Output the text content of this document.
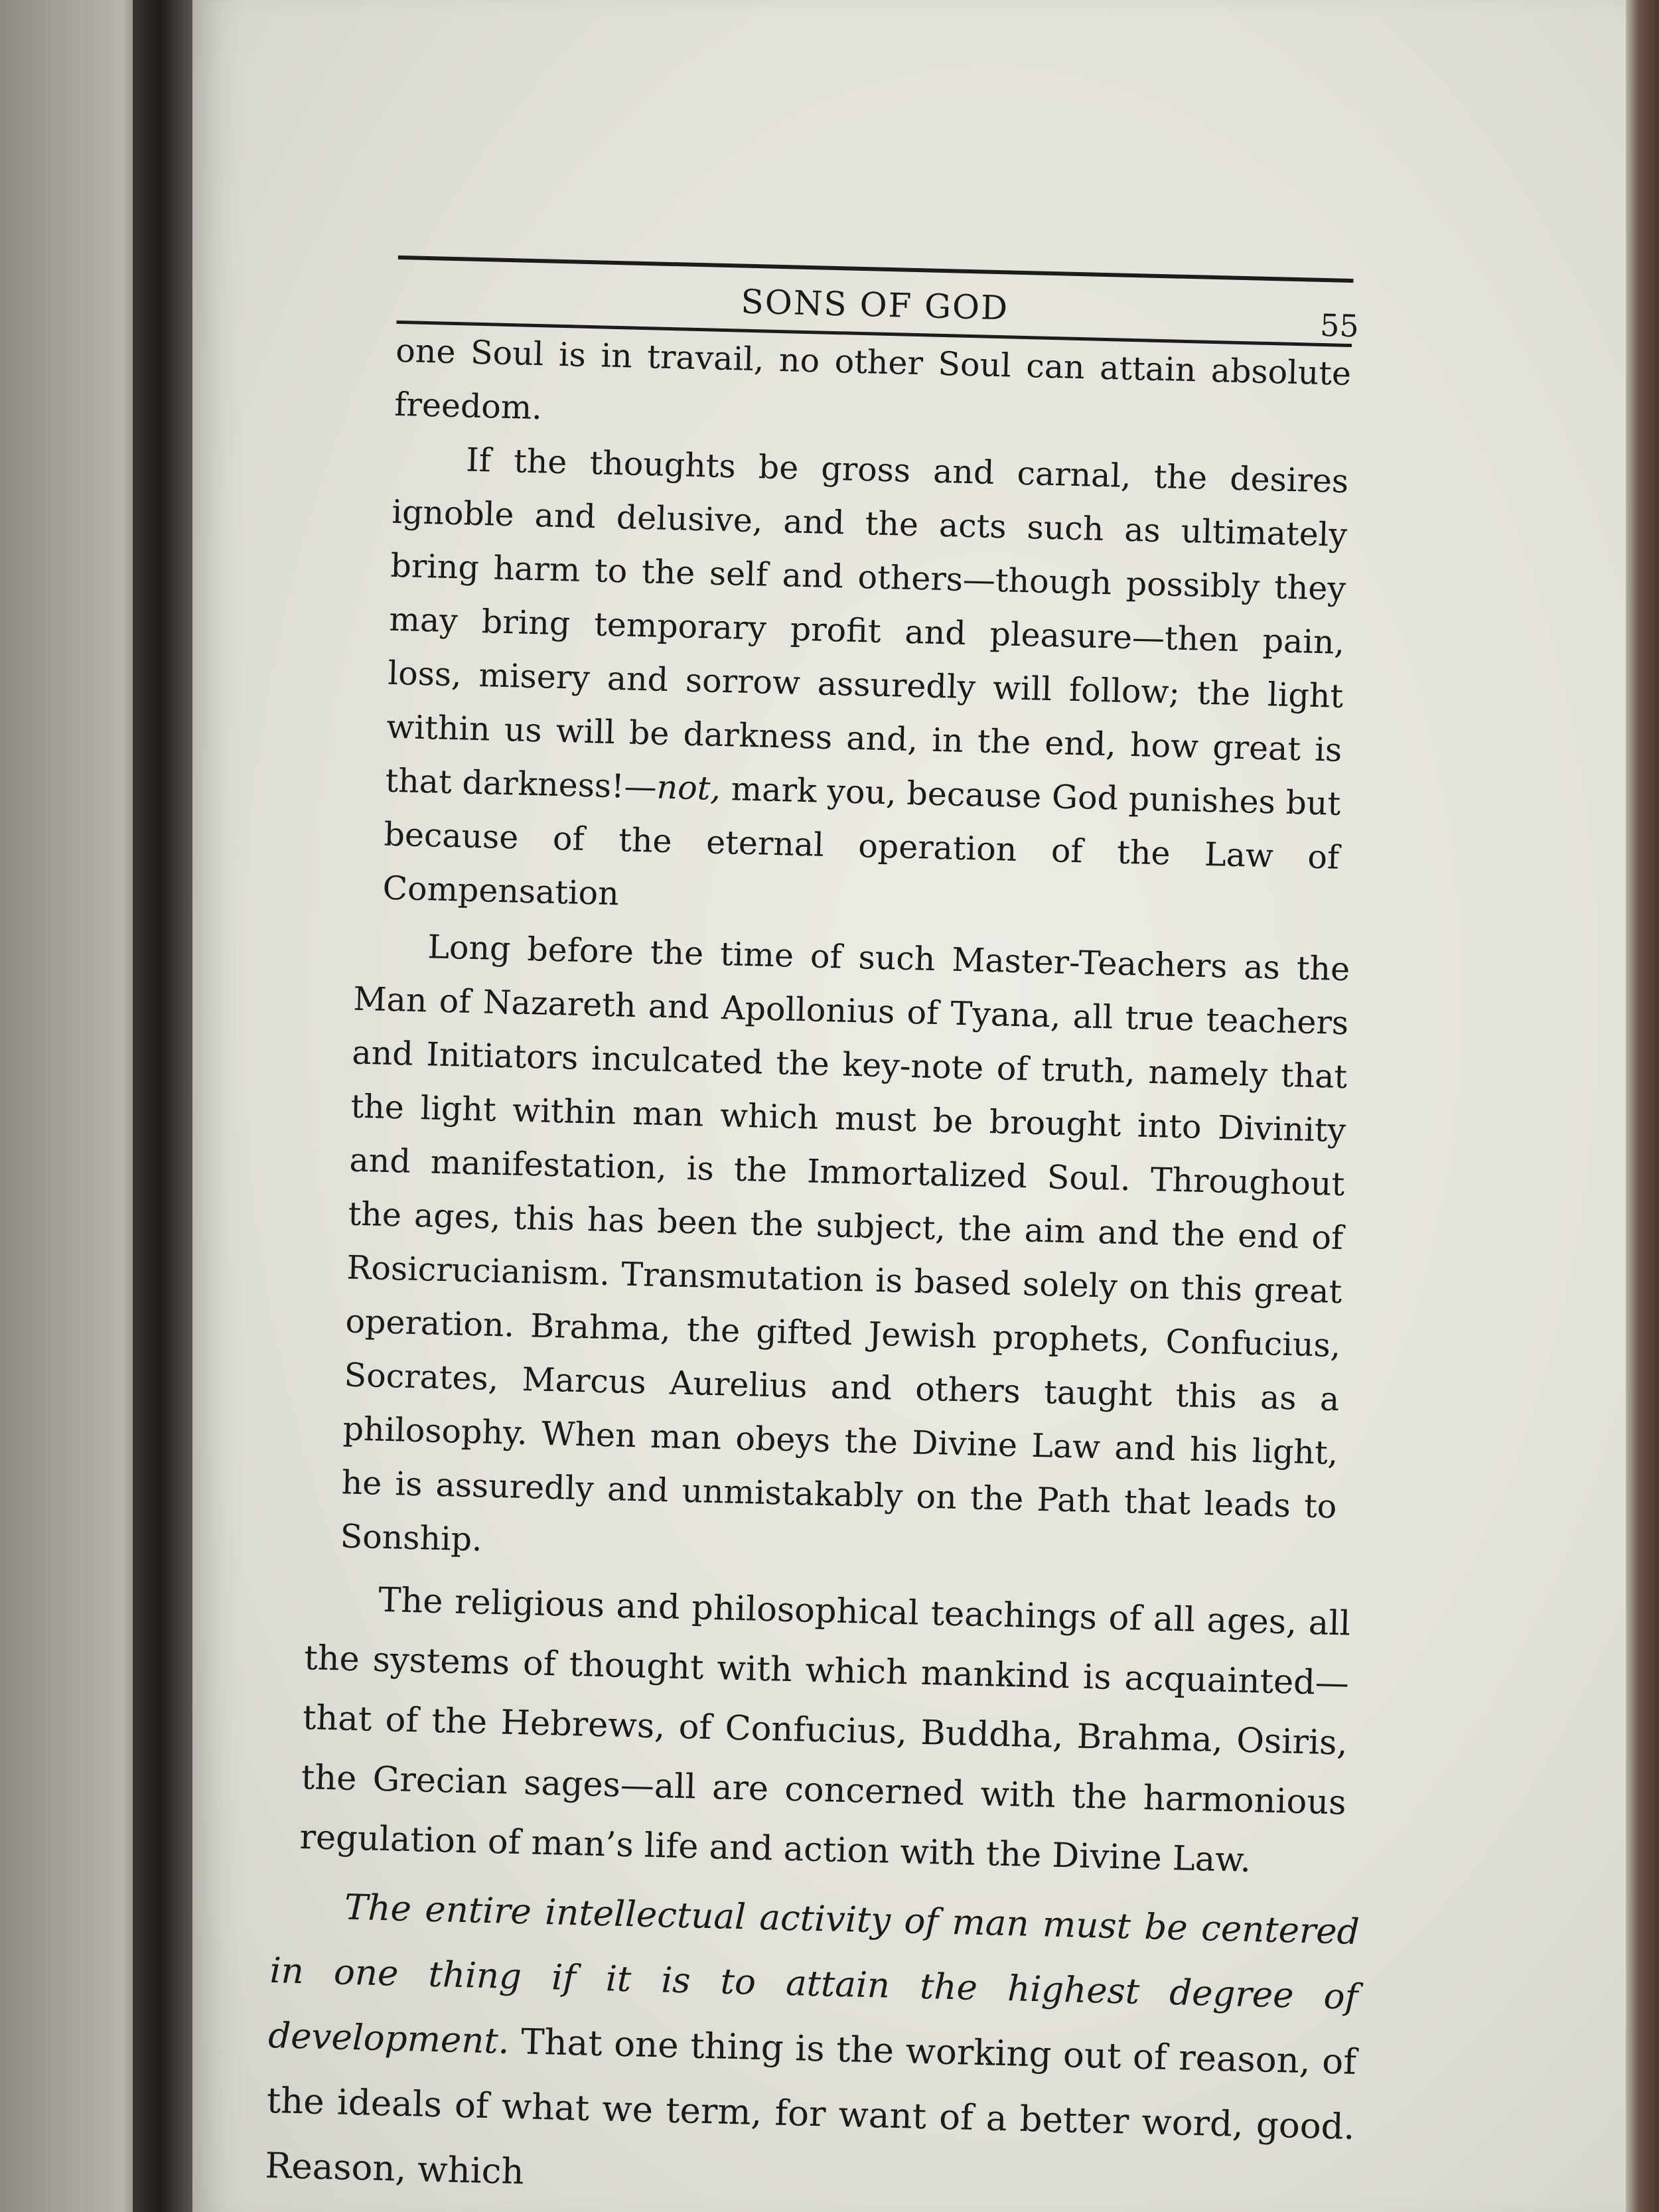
SONS OF GOD	55

one Soul is in travail, no other Soul can attain absolute freedom.

If the thoughts be gross and carnal, the desires ignoble and delusive, and the acts such as ultimately bring harm to the self and others—though possibly they may bring temporary profit and pleasure—then pain, loss, misery and sorrow assuredly will follow; the light within us will be darkness and, in the end, how great is that darkness!—not, mark you, because God punishes but because of the eternal operation of the Law of Compensation

Long before the time of such Master-Teachers as the Man of Nazareth and Apollonius of Tyana, all true teachers and Initiators inculcated the key-note of truth, namely that the light within man which must be brought into Divinity and manifestation, is the Immortalized Soul. Throughout the ages, this has been the subject, the aim and the end of Rosicrucianism. Transmutation is based solely on this great operation. Brahma, the gifted Jewish prophets, Confucius, Socrates, Marcus Aurelius and others taught this as a philosophy. When man obeys the Divine Law and his light, he is assuredly and unmistakably on the Path that leads to Sonship.

The religious and philosophical teachings of all ages, all the systems of thought with which mankind is acquainted—that of the Hebrews, of Confucius, Buddha, Brahma, Osiris, the Grecian sages—all are concerned with the harmonious regulation of man’s life and action with the Divine Law.

The entire intellectual activity of man must be centered in one thing if it is to attain the highest degree of development. That one thing is the working out of reason, of the ideals of what we term, for want of a better word, good. Reason, which
